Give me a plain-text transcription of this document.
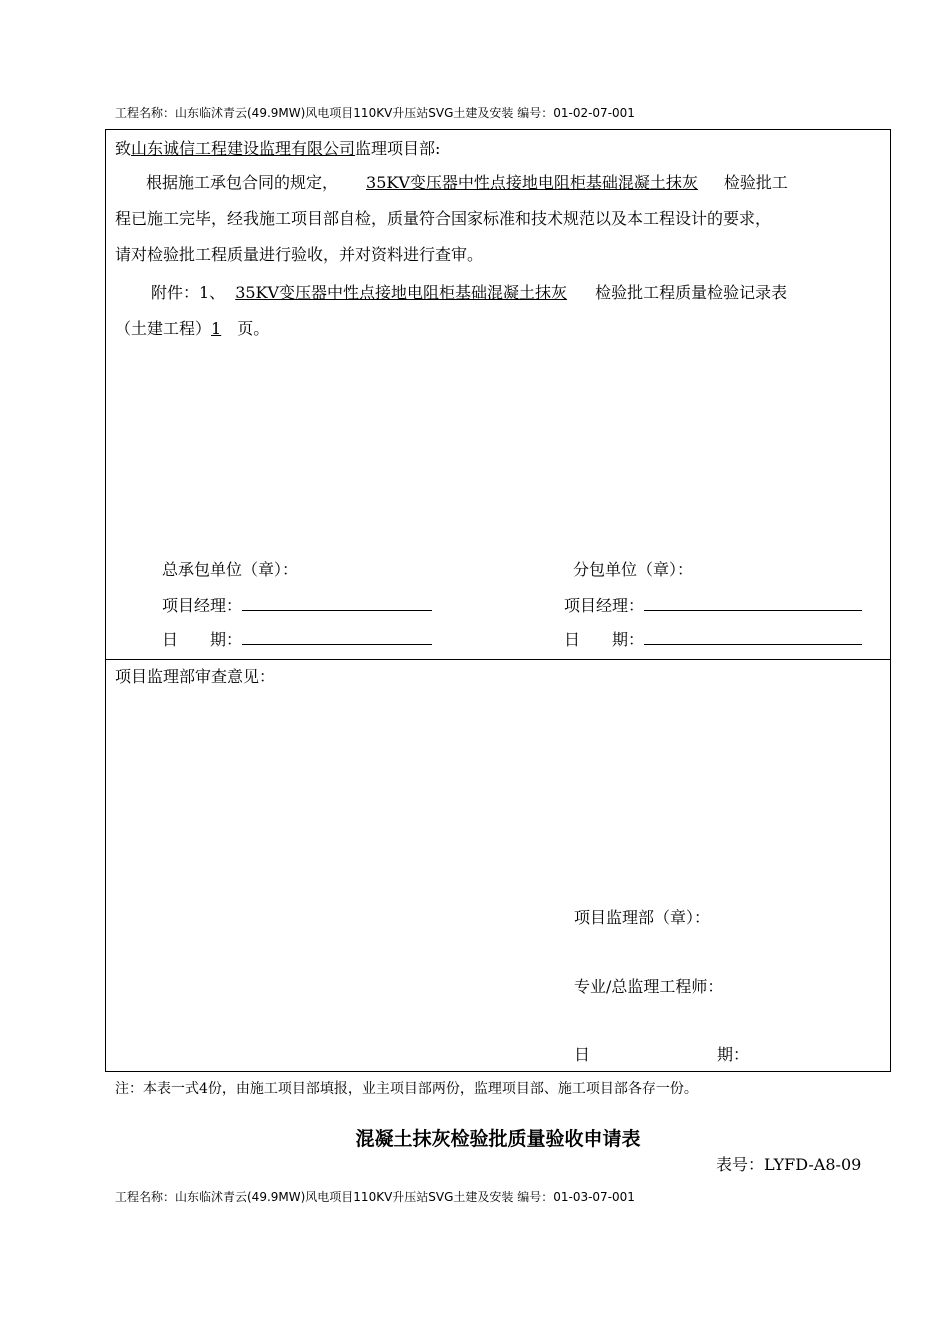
工程名称：山东临沭青云(49.9MW)风电项目110KV升压站SVG土建及安装 编号：01-02-07-001
致山东诚信工程建设监理有限公司监理项目部:
根据施工承包合同的规定， 35KV变压器中性点接地电阻柜基础混凝土抹灰 检验批工
程已施工完毕，经我施工项目部自检，质量符合国家标准和技术规范以及本工程设计的要求，
请对检验批工程质量进行验收，并对资料进行查审。
附件：1、 35KV变压器中性点接地电阻柜基础混凝土抹灰 检验批工程质量检验记录表
（土建工程）1 页。
总承包单位（章）：
项目经理：
日　　期：
分包单位（章）：
项目经理：
日　　期：
项目监理部审查意见：
项目监理部（章）：
专业/总监理工程师：
日	期：
注：本表一式4份，由施工项目部填报，业主项目部两份，监理项目部、施工项目部各存一份。
混凝土抹灰检验批质量验收申请表
表号：LYFD-A8-09
工程名称：山东临沭青云(49.9MW)风电项目110KV升压站SVG土建及安装 编号：01-03-07-001
